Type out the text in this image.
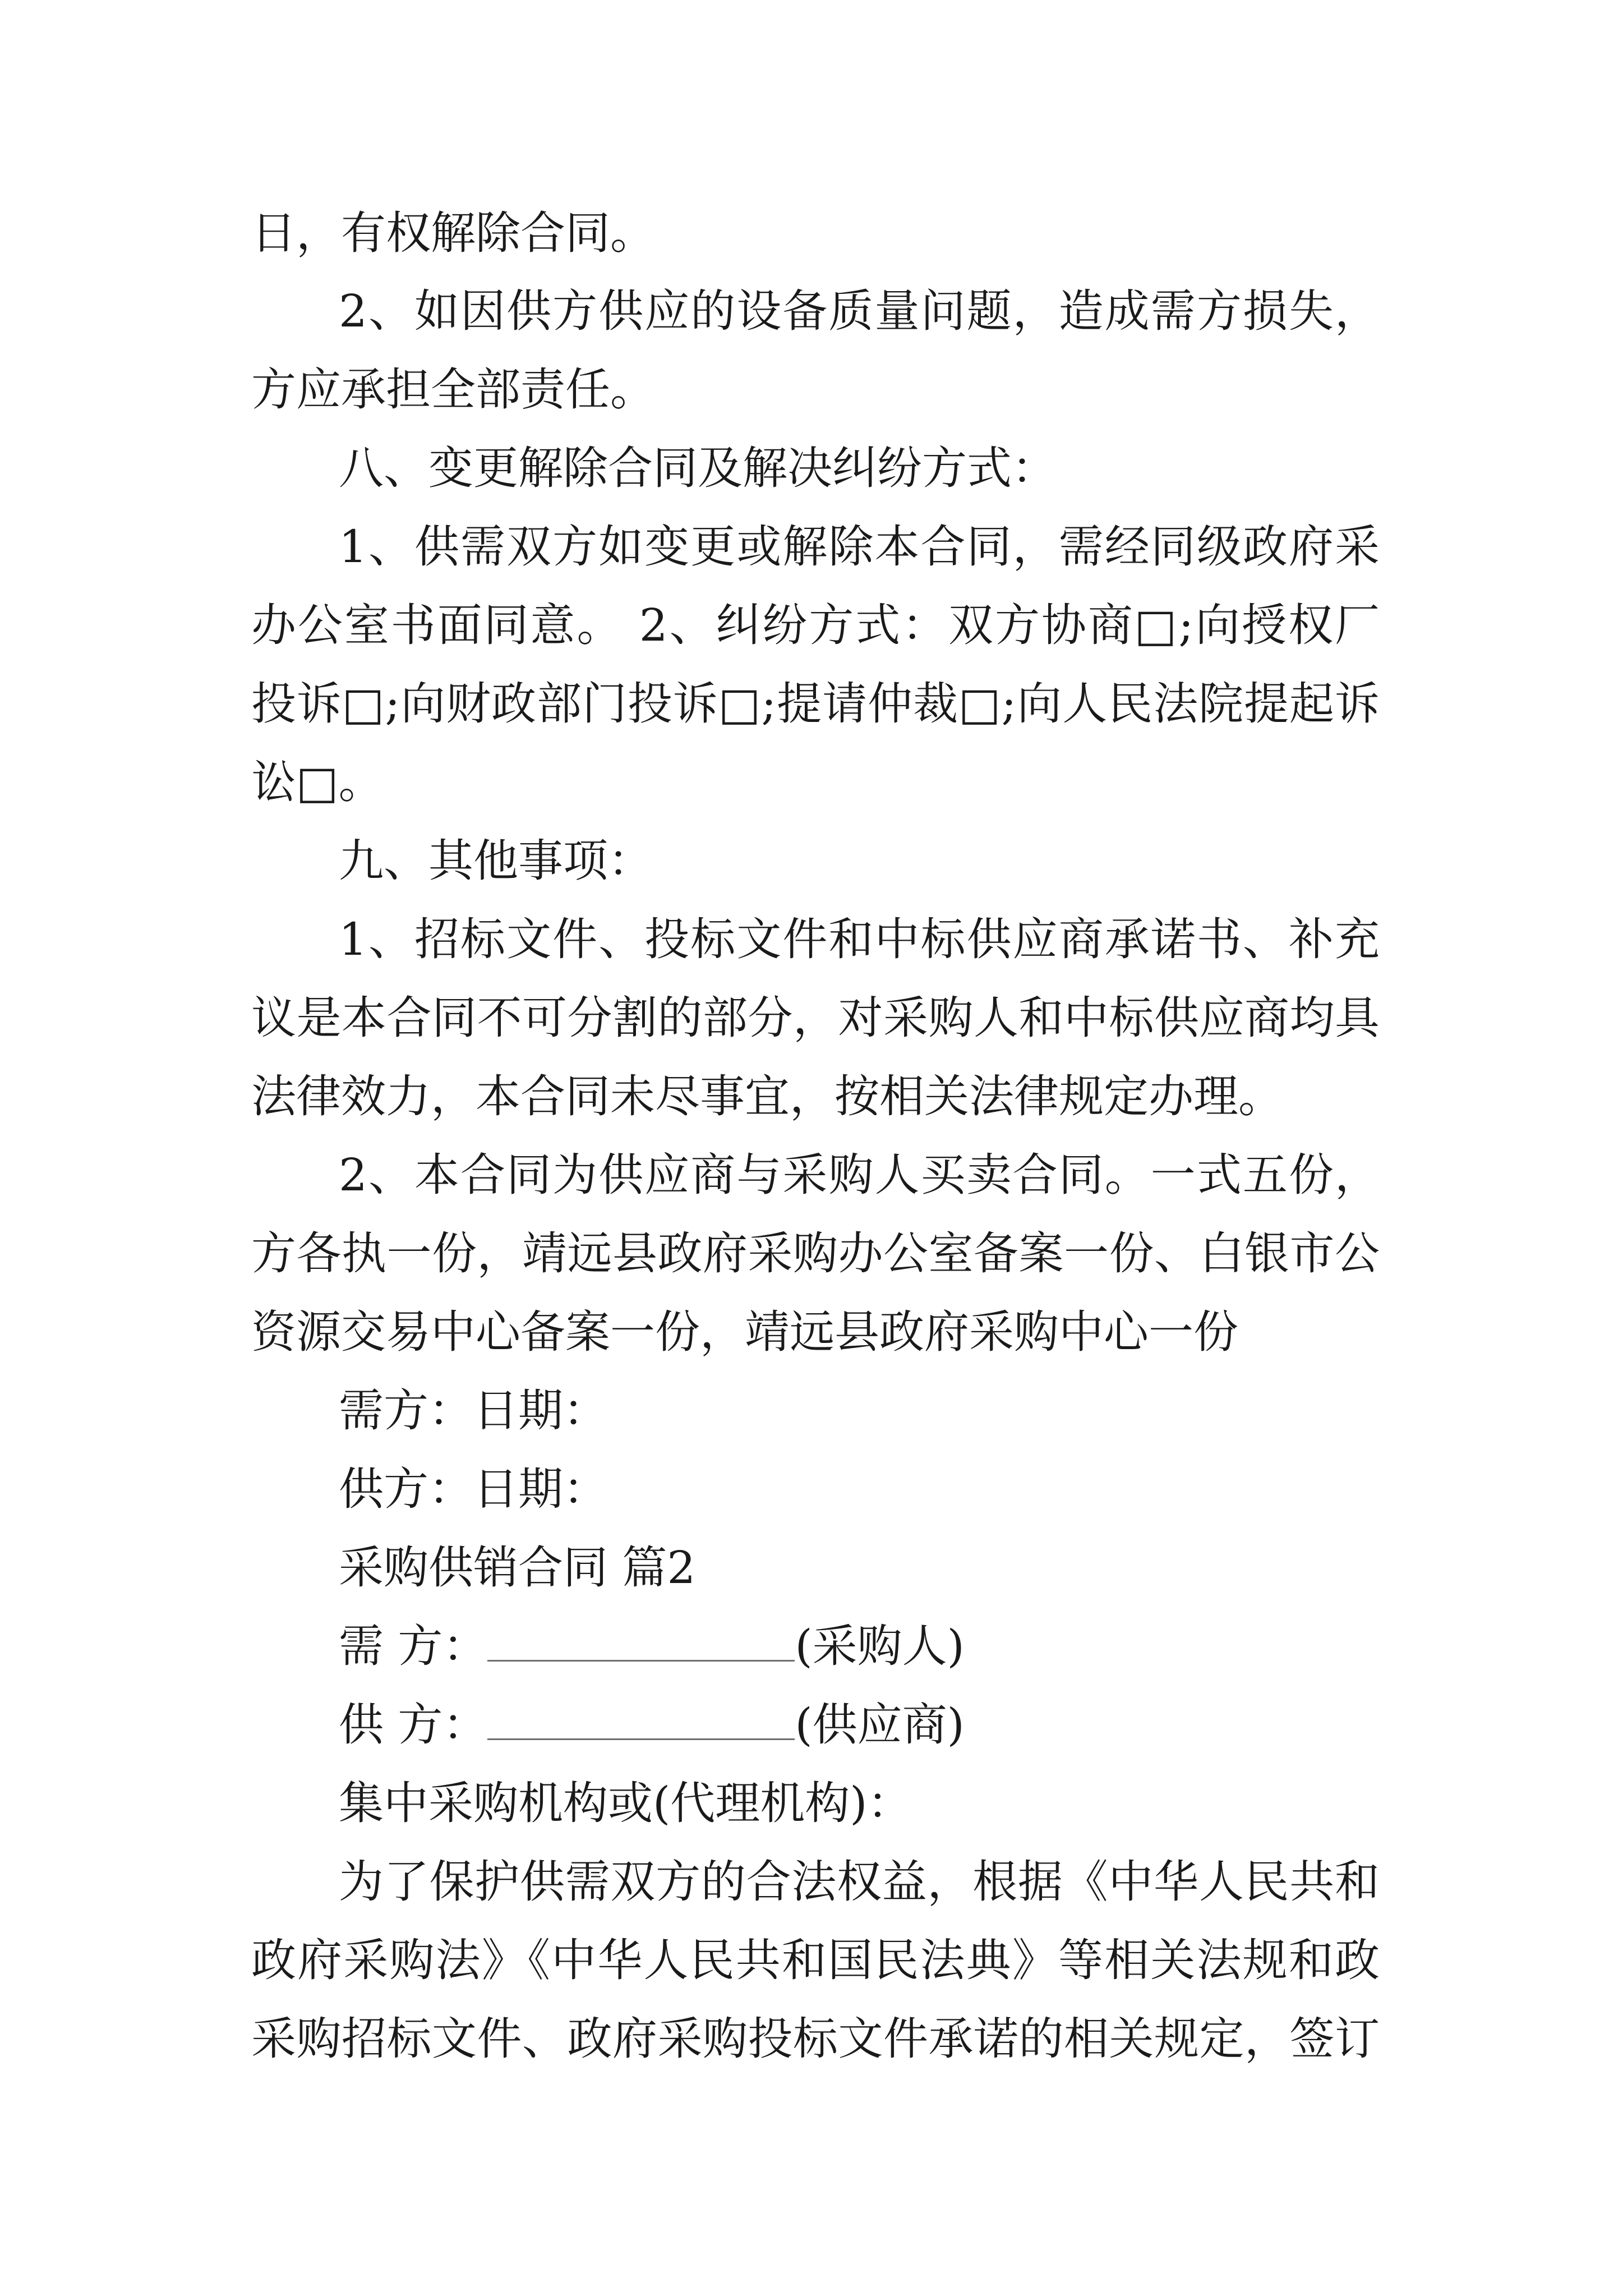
日，有权解除合同。
2、如因供方供应的设备质量问题，造成需方损失，
方应承担全部责任。
八、变更解除合同及解决纠纷方式：
1、供需双方如变更或解除本合同，需经同级政府采
办公室书面同意。 2、纠纷方式：双方协商□;向授权厂
投诉□;向财政部门投诉□;提请仲裁□;向人民法院提起诉
讼□。
九、其他事项：
1、招标文件、投标文件和中标供应商承诺书、补充
议是本合同不可分割的部分，对采购人和中标供应商均具
法律效力，本合同未尽事宜，按相关法律规定办理。
2、本合同为供应商与采购人买卖合同。一式五份，
方各执一份，靖远县政府采购办公室备案一份、白银市公
资源交易中心备案一份，靖远县政府采购中心一份
需方：日期：
供方：日期：
采购供销合同 篇2
需 方：	(采购人)
供 方：	(供应商)
集中采购机构或(代理机构)：
为了保护供需双方的合法权益，根据《中华人民共和
政府采购法》《中华人民共和国民法典》等相关法规和政
采购招标文件、政府采购投标文件承诺的相关规定，签订
